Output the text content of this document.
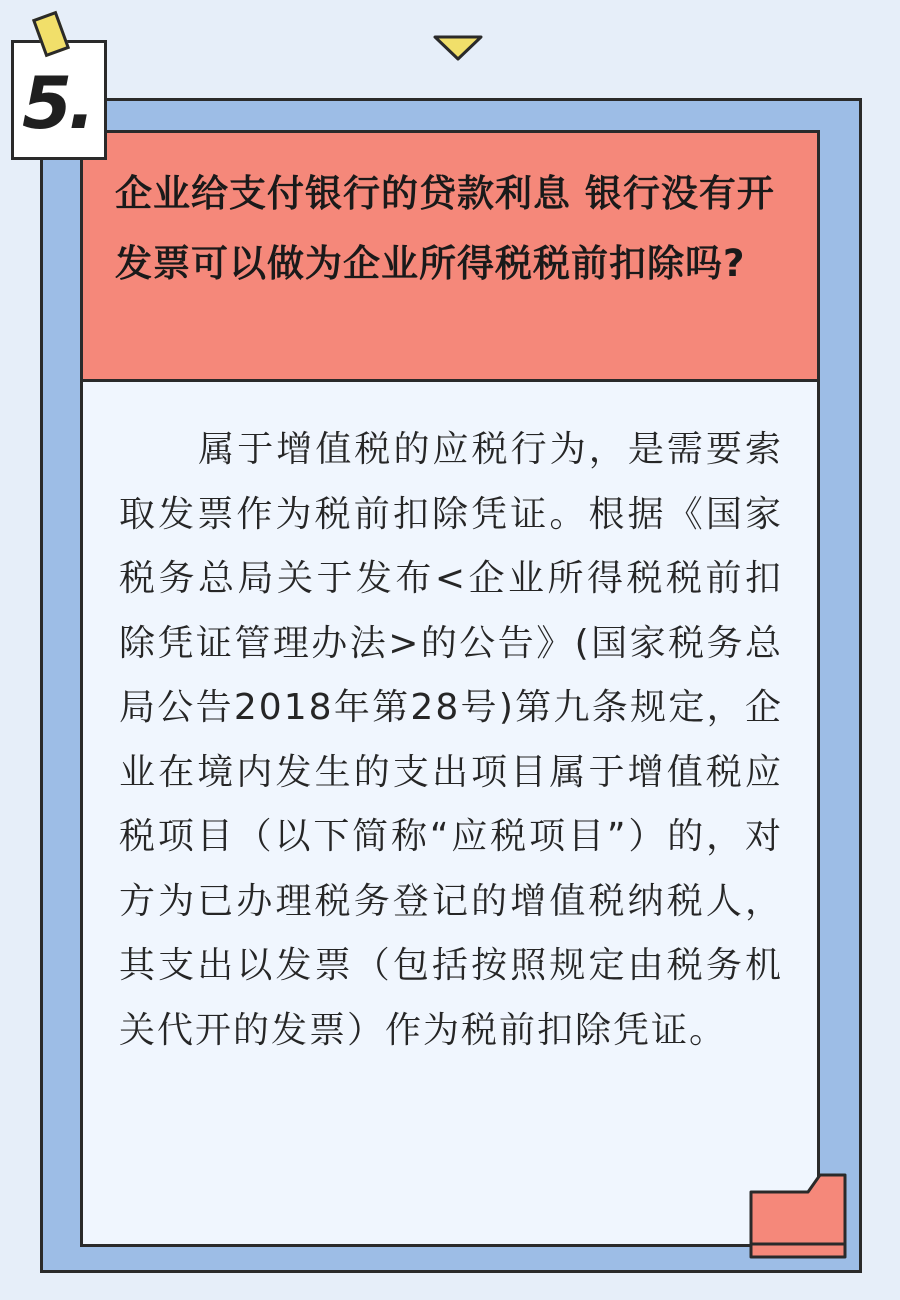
企业给支付银行的贷款利息 银行没有开发票可以做为企业所得税税前扣除吗?

属于增值税的应税行为，是需要索取发票作为税前扣除凭证。根据《国家税务总局关于发布<企业所得税税前扣除凭证管理办法>的公告》(国家税务总局公告2018年第28号)第九条规定，企业在境内发生的支出项目属于增值税应税项目（以下简称“应税项目”）的，对方为已办理税务登记的增值税纳税人，其支出以发票（包括按照规定由税务机关代开的发票）作为税前扣除凭证。

5.
